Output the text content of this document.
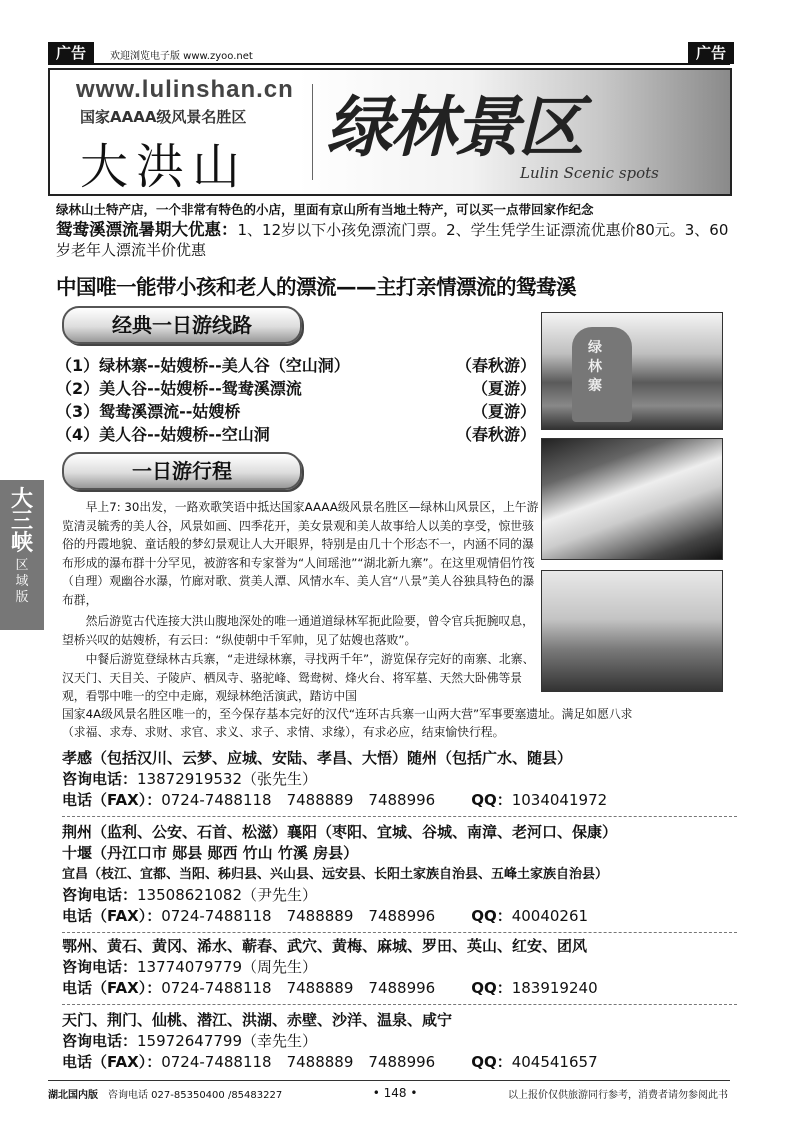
广告	欢迎浏览电子版 www.zyoo.net	广告
www.lulinshan.cn
国家AAAA级风景名胜区
大洪山
绿林景区
Lulin Scenic spots
绿林山土特产店，一个非常有特色的小店，里面有京山所有当地土特产，可以买一点带回家作纪念
鸳鸯溪漂流暑期大优惠：1、12岁以下小孩免漂流门票。2、学生凭学生证漂流优惠价80元。3、60岁老年人漂流半价优惠
中国唯一能带小孩和老人的漂流——主打亲情漂流的鸳鸯溪
经典一日游线路
（1）绿林寨--姑嫂桥--美人谷（空山洞）	（春秋游）
（2）美人谷--姑嫂桥--鸳鸯溪漂流	（夏游）
（3）鸳鸯溪漂流--姑嫂桥	（夏游）
（4）美人谷--姑嫂桥--空山洞	（春秋游）
绿林寨
一日游行程
早上7: 30出发，一路欢歌笑语中抵达国家AAAA级风景名胜区—绿林山风景区，上午游览清灵毓秀的美人谷，风景如画、四季花开，美女景观和美人故事给人以美的享受，惊世骇俗的丹霞地貌、童话般的梦幻景观让人大开眼界，特别是由几十个形态不一，内涵不同的瀑布形成的瀑布群十分罕见，被游客和专家誉为“人间瑶池”“湖北新九寨”。在这里观情侣竹筏（自理）观幽谷水瀑，竹廊对歌、赏美人潭、风情水车、美人宫“八景”美人谷独具特色的瀑布群，
然后游览古代连接大洪山腹地深处的唯一通道道绿林军扼此险要，曾令官兵扼腕叹息，望桥兴叹的姑嫂桥，有云曰：“纵使朝中千军帅，见了姑嫂也落败”。
中餐后游览登绿林古兵寨，“走进绿林寨，寻找两千年”，游览保存完好的南寨、北寨、汉天门、天目关、子陵庐、栖凤寺、骆驼峰、鸳鸯树、烽火台、将军墓、天然大卧佛等景观，看鄂中唯一的空中走廊，观绿林绝活演武，踏访中国
国家4A级风景名胜区唯一的，至今保存基本完好的汉代“连环古兵寨一山两大营”军事要塞遗址。满足如愿八求
（求福、求寿、求财、求官、求义、求子、求情、求缘），有求必应，结束愉快行程。
大三峡
区域版
孝感（包括汉川、云梦、应城、安陆、孝昌、大悟）随州（包括广水、随县）
咨询电话：13872919532（张先生）
电话（FAX）： 0724-7488118　7488889　7488996	QQ： 1034041972
荆州（监利、公安、石首、松滋）襄阳（枣阳、宜城、谷城、南漳、老河口、保康）
十堰（丹江口市 郧县 郧西 竹山 竹溪 房县）
宜昌（枝江、宜都、当阳、秭归县、兴山县、远安县、长阳土家族自治县、五峰土家族自治县）
咨询电话：13508621082（尹先生）
电话（FAX）： 0724-7488118　7488889　7488996	QQ： 40040261
鄂州、黄石、黄冈、浠水、蕲春、武穴、黄梅、麻城、罗田、英山、红安、团风
咨询电话：13774079779（周先生）
电话（FAX）： 0724-7488118　7488889　7488996	QQ： 183919240
天门、荆门、仙桃、潜江、洪湖、赤壁、沙洋、温泉、咸宁
咨询电话：15972647799（幸先生）
电话（FAX）： 0724-7488118　7488889　7488996	QQ： 404541657
湖北国内版　 咨询电话 027-85350400 /85483227	• 148 •	以上报价仅供旅游同行参考，消费者请勿参阅此书
